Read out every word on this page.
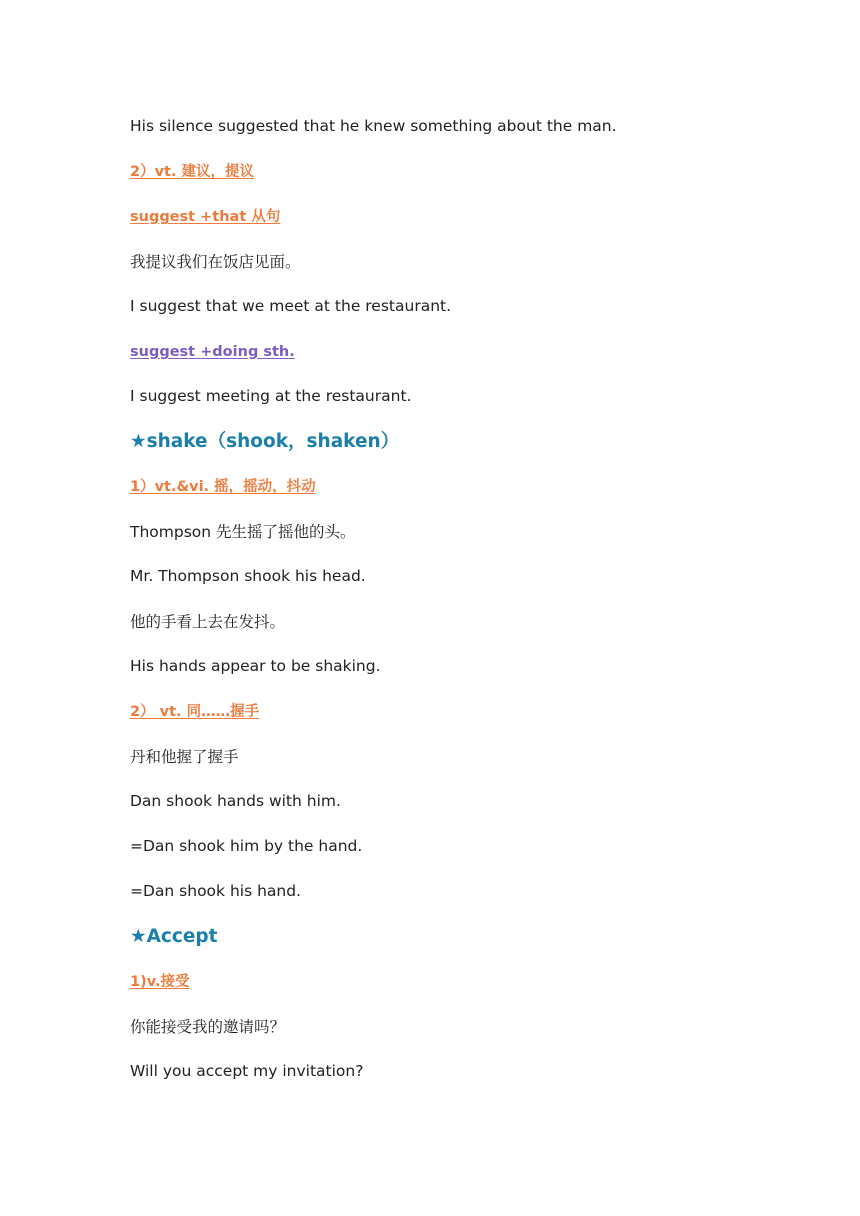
His silence suggested that he knew something about the man.
2）vt. 建议，提议
suggest +that 从句
我提议我们在饭店见面。
I suggest that we meet at the restaurant.
suggest +doing sth.
I suggest meeting at the restaurant.
★shake（shook，shaken）
1）vt.&vi. 摇，摇动，抖动
Thompson 先生摇了摇他的头。
Mr. Thompson shook his head.
他的手看上去在发抖。
His hands appear to be shaking.
2） vt. 同……握手
丹和他握了握手
Dan shook hands with him.
=Dan shook him by the hand.
=Dan shook his hand.
★Accept
1)v.接受
你能接受我的邀请吗？
Will you accept my invitation?
